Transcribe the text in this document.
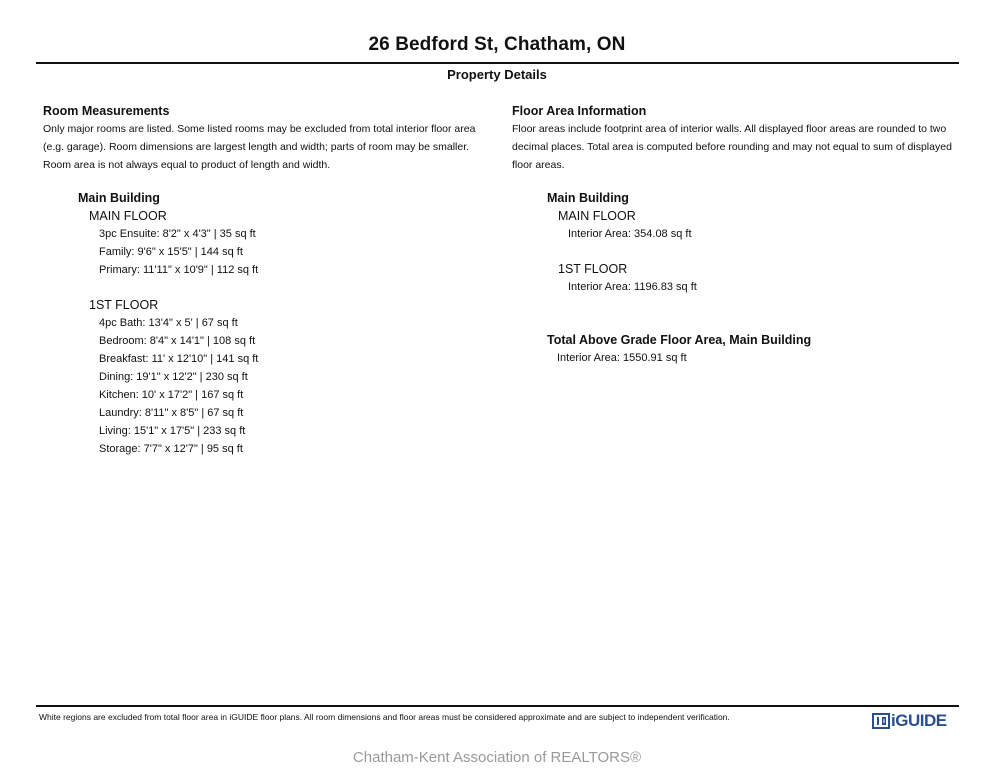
26 Bedford St, Chatham, ON
Property Details
Room Measurements
Only major rooms are listed. Some listed rooms may be excluded from total interior floor area
(e.g. garage). Room dimensions are largest length and width; parts of room may be smaller.
Room area is not always equal to product of length and width.
Main Building
MAIN FLOOR
3pc Ensuite: 8'2" x 4'3" | 35 sq ft
Family: 9'6" x 15'5" | 144 sq ft
Primary: 11'11" x 10'9" | 112 sq ft
1ST FLOOR
4pc Bath: 13'4" x 5' | 67 sq ft
Bedroom: 8'4" x 14'1" | 108 sq ft
Breakfast: 11' x 12'10" | 141 sq ft
Dining: 19'1" x 12'2" | 230 sq ft
Kitchen: 10' x 17'2" | 167 sq ft
Laundry: 8'11" x 8'5" | 67 sq ft
Living: 15'1" x 17'5" | 233 sq ft
Storage: 7'7" x 12'7" | 95 sq ft
Floor Area Information
Floor areas include footprint area of interior walls. All displayed floor areas are rounded to two
decimal places. Total area is computed before rounding and may not equal to sum of displayed
floor areas.
Main Building
MAIN FLOOR
Interior Area: 354.08 sq ft
1ST FLOOR
Interior Area: 1196.83 sq ft
Total Above Grade Floor Area, Main Building
Interior Area: 1550.91 sq ft
White regions are excluded from total floor area in iGUIDE floor plans. All room dimensions and floor areas must be considered approximate and are subject to independent verification.	iGUIDE
Chatham-Kent Association of REALTORS®
